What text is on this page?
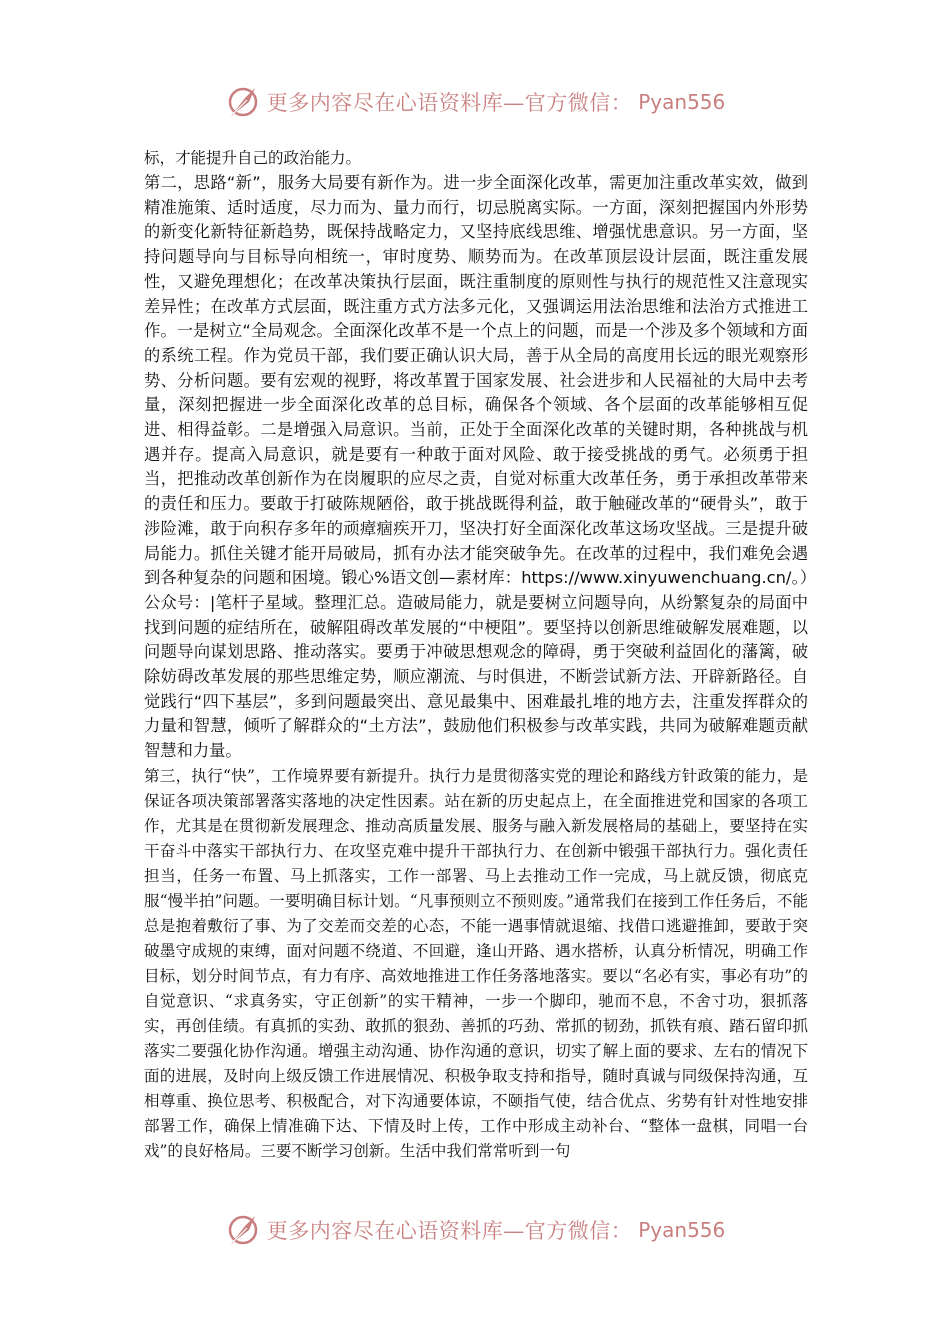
更多内容尽在心语资料库—官方微信： Pyan556

标，才能提升自己的政治能力。

第二，思路“新”，服务大局要有新作为。进一步全面深化改革，需更加注重改革实效，做到精准施策、适时适度，尽力而为、量力而行，切忌脱离实际。一方面，深刻把握国内外形势的新变化新特征新趋势，既保持战略定力，又坚持底线思维、增强忧患意识。另一方面，坚持问题导向与目标导向相统一，审时度势、顺势而为。在改革顶层设计层面，既注重发展性，又避免理想化；在改革决策执行层面，既注重制度的原则性与执行的规范性又注意现实差异性；在改革方式层面，既注重方式方法多元化，又强调运用法治思维和法治方式推进工作。一是树立“全局观念。全面深化改革不是一个点上的问题，而是一个涉及多个领域和方面的系统工程。作为党员干部，我们要正确认识大局，善于从全局的高度用长远的眼光观察形势、分析问题。要有宏观的视野，将改革置于国家发展、社会进步和人民福祉的大局中去考量，深刻把握进一步全面深化改革的总目标，确保各个领域、各个层面的改革能够相互促进、相得益彰。二是增强入局意识。当前，正处于全面深化改革的关键时期，各种挑战与机遇并存。提高入局意识，就是要有一种敢于面对风险、敢于接受挑战的勇气。必须勇于担当，把推动改革创新作为在岗履职的应尽之责，自觉对标重大改革任务，勇于承担改革带来的责任和压力。要敢于打破陈规陋俗，敢于挑战既得利益，敢于触碰改革的“硬骨头”，敢于涉险滩，敢于向积存多年的顽瘴痼疾开刀，坚决打好全面深化改革这场攻坚战。三是提升破局能力。抓住关键才能开局破局，抓有办法才能突破争先。在改革的过程中，我们难免会遇到各种复杂的问题和困境。锻心%语文创—素材库：https://www.xinyuwenchuang.cn/。）公众号：|笔杆子星域。整理汇总。造破局能力，就是要树立问题导向，从纷繁复杂的局面中找到问题的症结所在，破解阻碍改革发展的“中梗阻”。要坚持以创新思维破解发展难题，以问题导向谋划思路、推动落实。要勇于冲破思想观念的障碍，勇于突破利益固化的藩篱，破除妨碍改革发展的那些思维定势，顺应潮流、与时俱进，不断尝试新方法、开辟新路径。自觉践行“四下基层”，多到问题最突出、意见最集中、困难最扎堆的地方去，注重发挥群众的力量和智慧，倾听了解群众的“土方法”，鼓励他们积极参与改革实践，共同为破解难题贡献智慧和力量。

第三，执行“快”，工作境界要有新提升。执行力是贯彻落实党的理论和路线方针政策的能力，是保证各项决策部署落实落地的决定性因素。站在新的历史起点上，在全面推进党和国家的各项工作，尤其是在贯彻新发展理念、推动高质量发展、服务与融入新发展格局的基础上，要坚持在实干奋斗中落实干部执行力、在攻坚克难中提升干部执行力、在创新中锻强干部执行力。强化责任担当，任务一布置、马上抓落实，工作一部署、马上去推动工作一完成，马上就反馈，彻底克服“慢半拍”问题。一要明确目标计划。“凡事预则立不预则废。”通常我们在接到工作任务后，不能总是抱着敷衍了事、为了交差而交差的心态，不能一遇事情就退缩、找借口逃避推卸，要敢于突破墨守成规的束缚，面对问题不绕道、不回避，逢山开路、遇水搭桥，认真分析情况，明确工作目标，划分时间节点，有力有序、高效地推进工作任务落地落实。要以“名必有实，事必有功”的自觉意识、“求真务实，守正创新”的实干精神，一步一个脚印，驰而不息，不舍寸功，狠抓落实，再创佳绩。有真抓的实劲、敢抓的狠劲、善抓的巧劲、常抓的韧劲，抓铁有痕、踏石留印抓落实二要强化协作沟通。增强主动沟通、协作沟通的意识，切实了解上面的要求、左右的情况下面的进展，及时向上级反馈工作进展情况、积极争取支持和指导，随时真诚与同级保持沟通，互相尊重、换位思考、积极配合，对下沟通要体谅，不颐指气使，结合优点、劣势有针对性地安排部署工作，确保上情准确下达、下情及时上传，工作中形成主动补台、“整体一盘棋，同唱一台戏”的良好格局。三要不断学习创新。生活中我们常常听到一句

更多内容尽在心语资料库—官方微信： Pyan556
